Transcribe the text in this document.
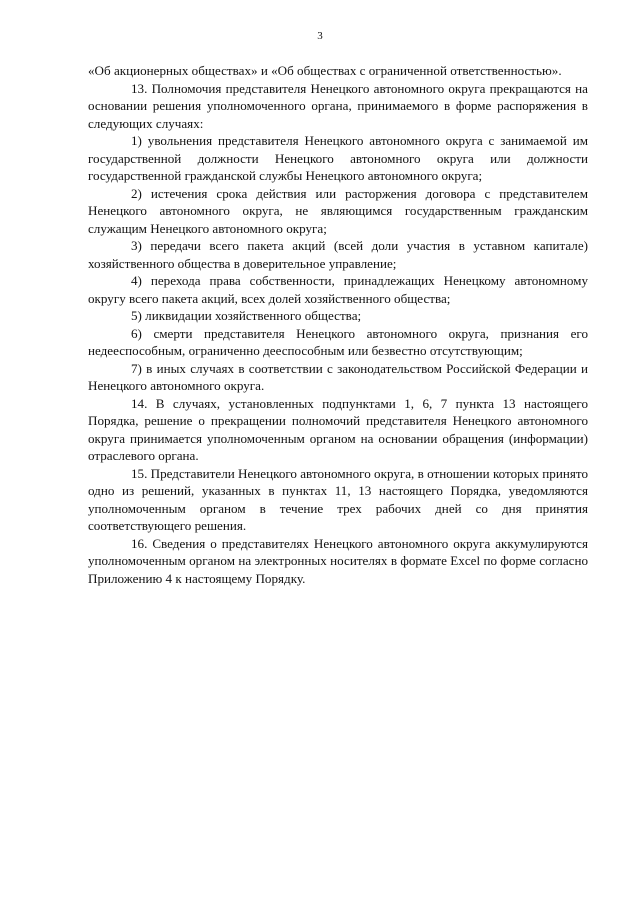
3

«Об акционерных обществах» и «Об обществах с ограниченной ответственностью».

13. Полномочия представителя Ненецкого автономного округа прекращаются на основании решения уполномоченного органа, принимаемого в форме распоряжения в следующих случаях:

1) увольнения представителя Ненецкого автономного округа с занимаемой им государственной должности Ненецкого автономного округа или должности государственной гражданской службы Ненецкого автономного округа;

2) истечения срока действия или расторжения договора с представителем Ненецкого автономного округа, не являющимся государственным гражданским служащим Ненецкого автономного округа;

3) передачи всего пакета акций (всей доли участия в уставном капитале) хозяйственного общества в доверительное управление;

4) перехода права собственности, принадлежащих Ненецкому автономному округу всего пакета акций, всех долей хозяйственного общества;

5) ликвидации хозяйственного общества;

6) смерти представителя Ненецкого автономного округа, признания его недееспособным, ограниченно дееспособным или безвестно отсутствующим;

7) в иных случаях в соответствии с законодательством Российской Федерации и Ненецкого автономного округа.

14. В случаях, установленных подпунктами 1, 6, 7 пункта 13 настоящего Порядка, решение о прекращении полномочий представителя Ненецкого автономного округа принимается уполномоченным органом на основании обращения (информации) отраслевого органа.

15. Представители Ненецкого автономного округа, в отношении которых принято одно из решений, указанных в пунктах 11, 13 настоящего Порядка, уведомляются уполномоченным органом в течение трех рабочих дней со дня принятия соответствующего решения.

16. Сведения о представителях Ненецкого автономного округа аккумулируются уполномоченным органом на электронных носителях в формате Excel по форме согласно Приложению 4 к настоящему Порядку.
